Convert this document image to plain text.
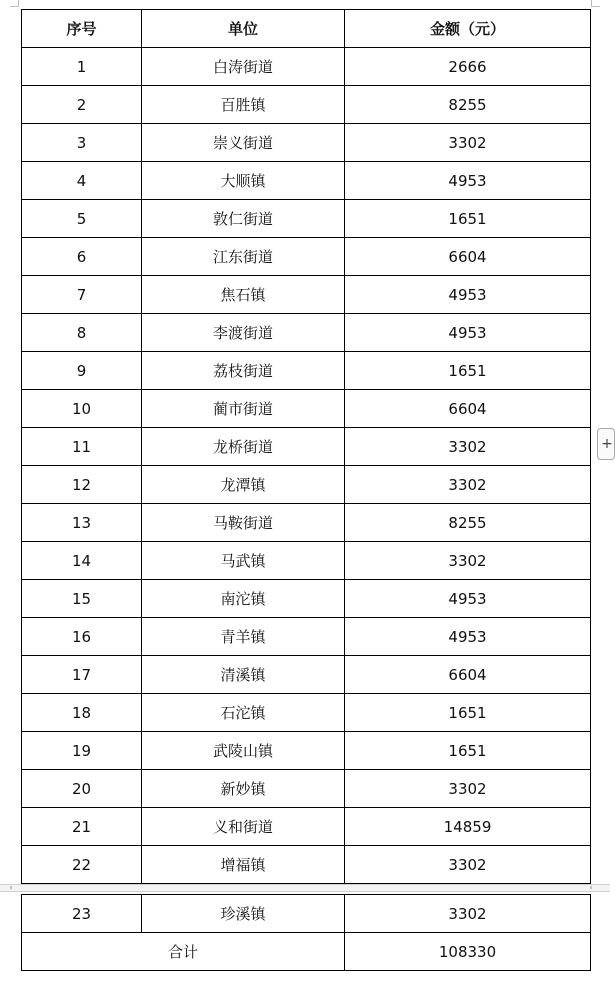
序号	单位	金额（元）
1	白涛街道	2666
2	百胜镇	8255
3	崇义街道	3302
4	大顺镇	4953
5	敦仁街道	1651
6	江东街道	6604
7	焦石镇	4953
8	李渡街道	4953
9	荔枝街道	1651
10	蔺市街道	6604
11	龙桥街道	3302
12	龙潭镇	3302
13	马鞍街道	8255
14	马武镇	3302
15	南沱镇	4953
16	青羊镇	4953
17	清溪镇	6604
18	石沱镇	1651
19	武陵山镇	1651
20	新妙镇	3302
21	义和街道	14859
22	增福镇	3302
23	珍溪镇	3302
合计		108330
+
